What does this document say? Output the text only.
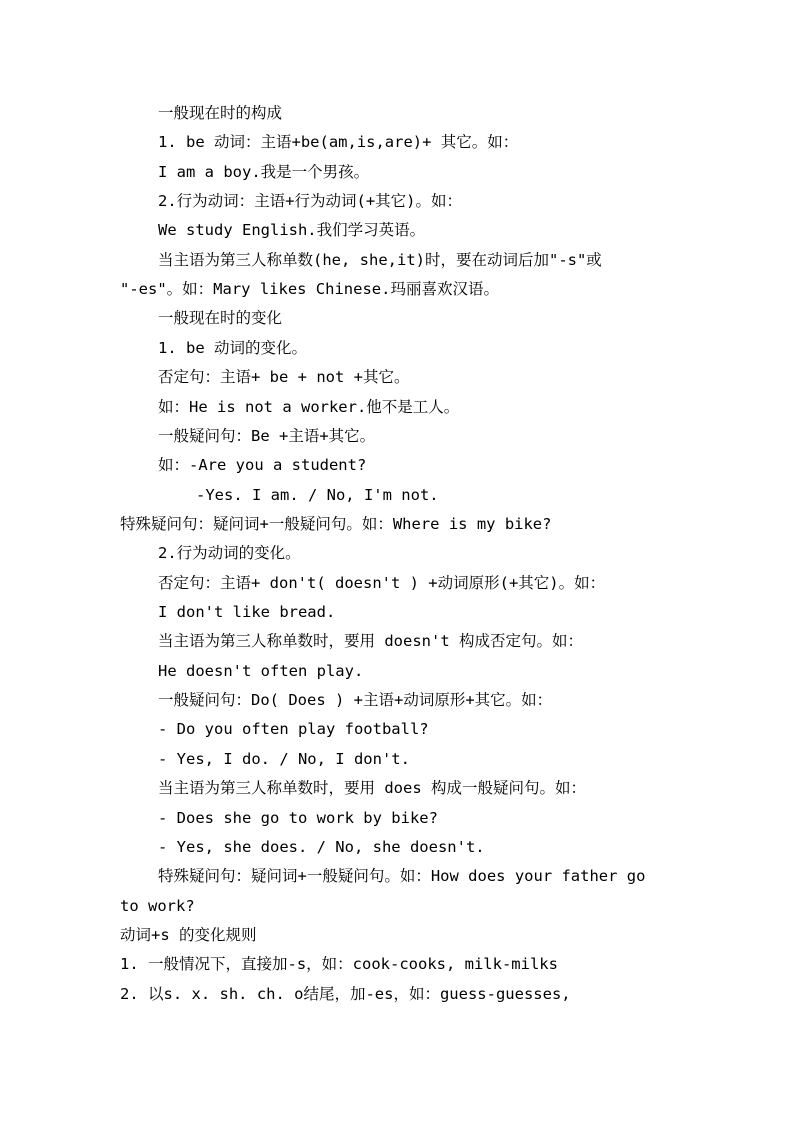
一般现在时的构成
1. be 动词：主语+be(am,is,are)+ 其它。如：
I am a boy.我是一个男孩。
2.行为动词：主语+行为动词(+其它)。如：
We study English.我们学习英语。
当主语为第三人称单数(he, she,it)时，要在动词后加"-s"或
"-es"。如：Mary likes Chinese.玛丽喜欢汉语。
一般现在时的变化
1. be 动词的变化。
否定句：主语+ be + not +其它。
如：He is not a worker.他不是工人。
一般疑问句：Be +主语+其它。
如：-Are you a student?
-Yes. I am. / No, I'm not.
特殊疑问句：疑问词+一般疑问句。如：Where is my bike?
2.行为动词的变化。
否定句：主语+ don't( doesn't ) +动词原形(+其它)。如：
I don't like bread.
当主语为第三人称单数时，要用 doesn't 构成否定句。如：
He doesn't often play.
一般疑问句：Do( Does ) +主语+动词原形+其它。如：
- Do you often play football?
- Yes, I do. / No, I don't.
当主语为第三人称单数时，要用 does 构成一般疑问句。如：
- Does she go to work by bike?
- Yes, she does. / No, she doesn't.
特殊疑问句：疑问词+一般疑问句。如：How does your father go
to work?
动词+s 的变化规则
1. 一般情况下，直接加-s，如：cook-cooks, milk-milks
2. 以s. x. sh. ch. o结尾，加-es，如：guess-guesses,
